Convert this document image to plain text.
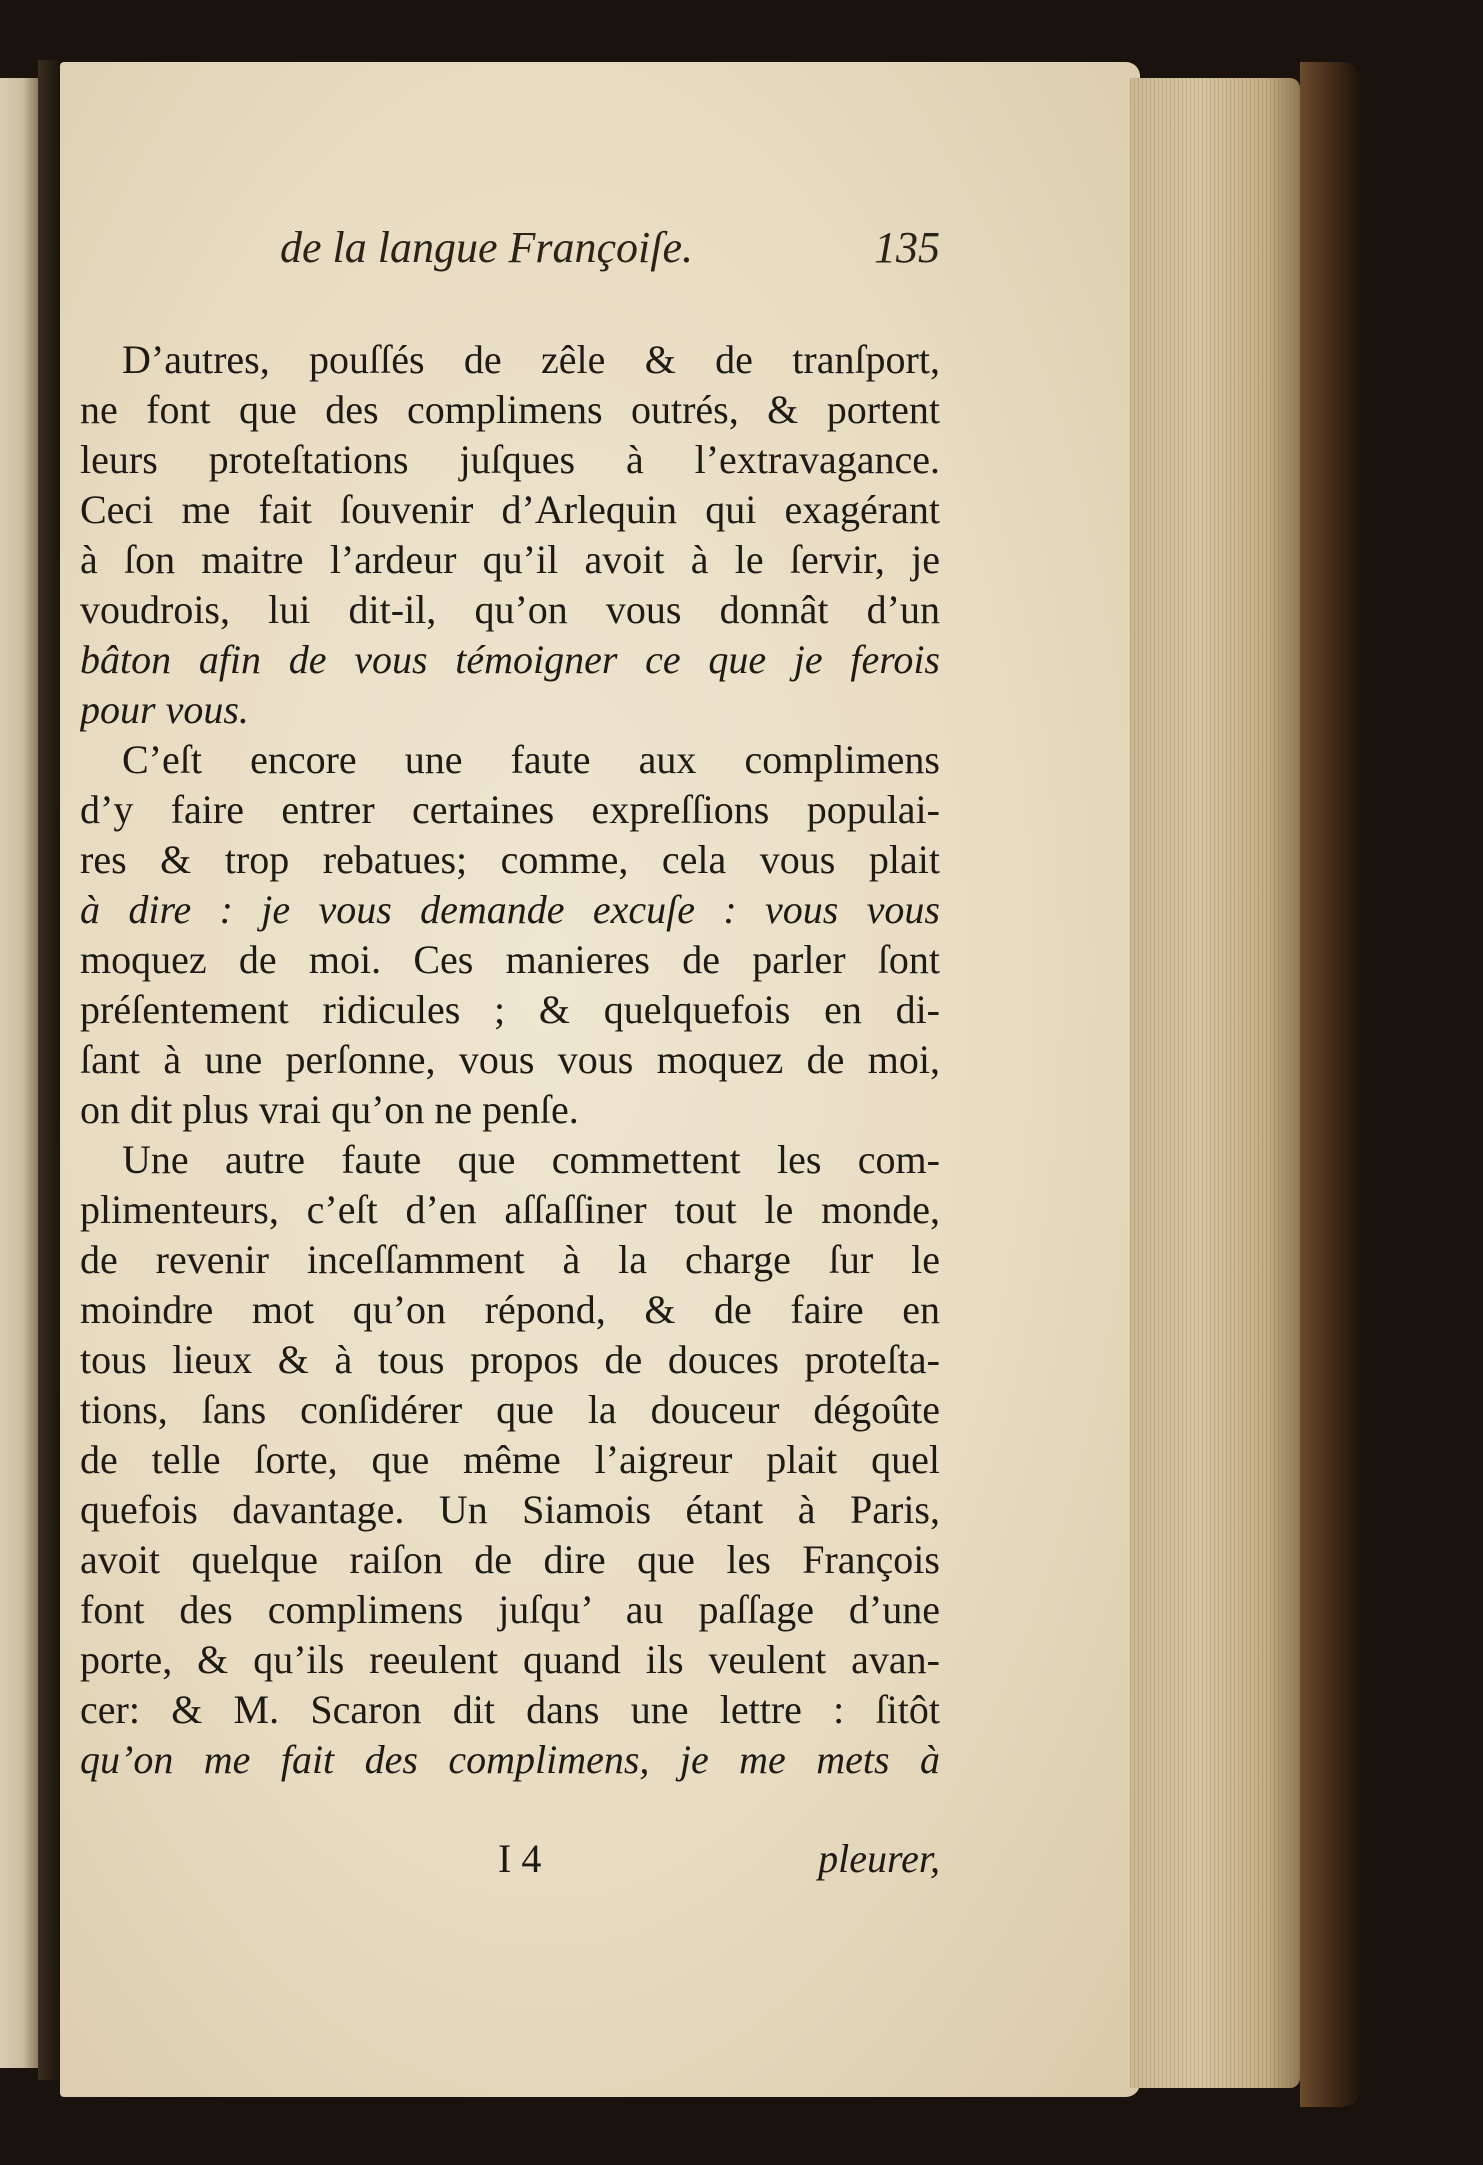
de la langue Françoiſe.	135
D’autres, pouſſés de zêle & de tranſport,
ne font que des complimens outrés, & portent
leurs proteſtations juſques à l’extravagance.
Ceci me fait ſouvenir d’Arlequin qui exagérant
à ſon maitre l’ardeur qu’il avoit à le ſervir, je
voudrois, lui dit-il, qu’on vous donnât d’un
bâton afin de vous témoigner ce que je ferois
pour vous.
C’eſt encore une faute aux complimens
d’y faire entrer certaines expreſſions populai-
res & trop rebatues; comme, cela vous plait
à dire : je vous demande excuſe : vous vous
moquez de moi. Ces manieres de parler ſont
préſentement ridicules ; & quelquefois en di-
ſant à une perſonne, vous vous moquez de moi,
on dit plus vrai qu’on ne penſe.
Une autre faute que commettent les com-
plimenteurs, c’eſt d’en aſſaſſiner tout le monde,
de revenir inceſſamment à la charge ſur le
moindre mot qu’on répond, & de faire en
tous lieux & à tous propos de douces proteſta-
tions, ſans conſidérer que la douceur dégoûte
de telle ſorte, que même l’aigreur plait quel
quefois davantage. Un Siamois étant à Paris,
avoit quelque raiſon de dire que les François
font des complimens juſqu’ au paſſage d’une
porte, & qu’ils reeulent quand ils veulent avan-
cer: & M. Scaron dit dans une lettre : ſitôt
qu’on me fait des complimens, je me mets à
I 4	pleurer,
